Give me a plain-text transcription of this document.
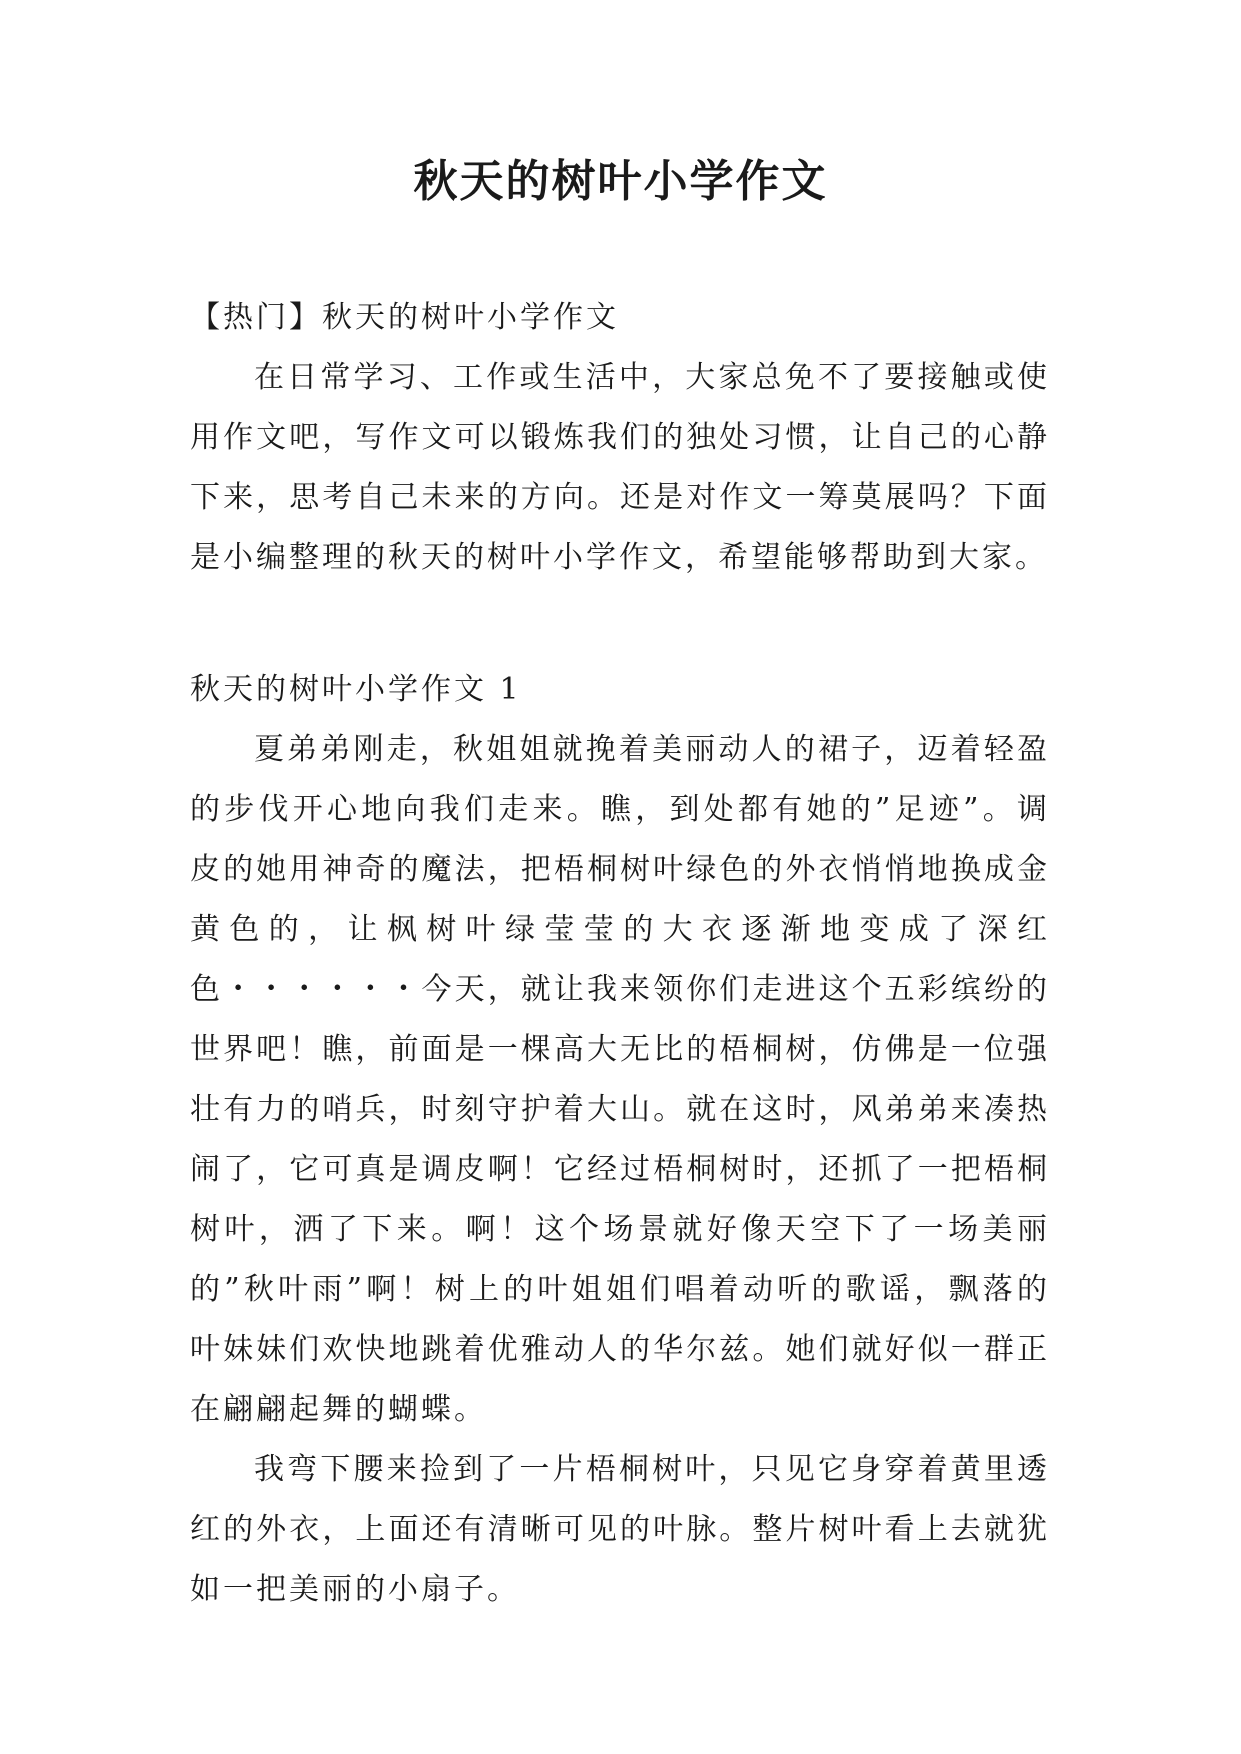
秋天的树叶小学作文

【热门】秋天的树叶小学作文

在日常学习、工作或生活中，大家总免不了要接触或使用作文吧，写作文可以锻炼我们的独处习惯，让自己的心静下来，思考自己未来的方向。还是对作文一筹莫展吗？下面是小编整理的秋天的树叶小学作文，希望能够帮助到大家。

秋天的树叶小学作文 1

夏弟弟刚走，秋姐姐就挽着美丽动人的裙子，迈着轻盈的步伐开心地向我们走来。瞧，到处都有她的”足迹”。调皮的她用神奇的魔法，把梧桐树叶绿色的外衣悄悄地换成金黄色的，让枫树叶绿莹莹的大衣逐渐地变成了深红色・・・・・・今天，就让我来领你们走进这个五彩缤纷的世界吧！瞧，前面是一棵高大无比的梧桐树，仿佛是一位强壮有力的哨兵，时刻守护着大山。就在这时，风弟弟来凑热闹了，它可真是调皮啊！它经过梧桐树时，还抓了一把梧桐树叶，洒了下来。啊！这个场景就好像天空下了一场美丽的”秋叶雨”啊！树上的叶姐姐们唱着动听的歌谣，飘落的叶妹妹们欢快地跳着优雅动人的华尔兹。她们就好似一群正在翩翩起舞的蝴蝶。

我弯下腰来捡到了一片梧桐树叶，只见它身穿着黄里透红的外衣，上面还有清晰可见的叶脉。整片树叶看上去就犹如一把美丽的小扇子。
